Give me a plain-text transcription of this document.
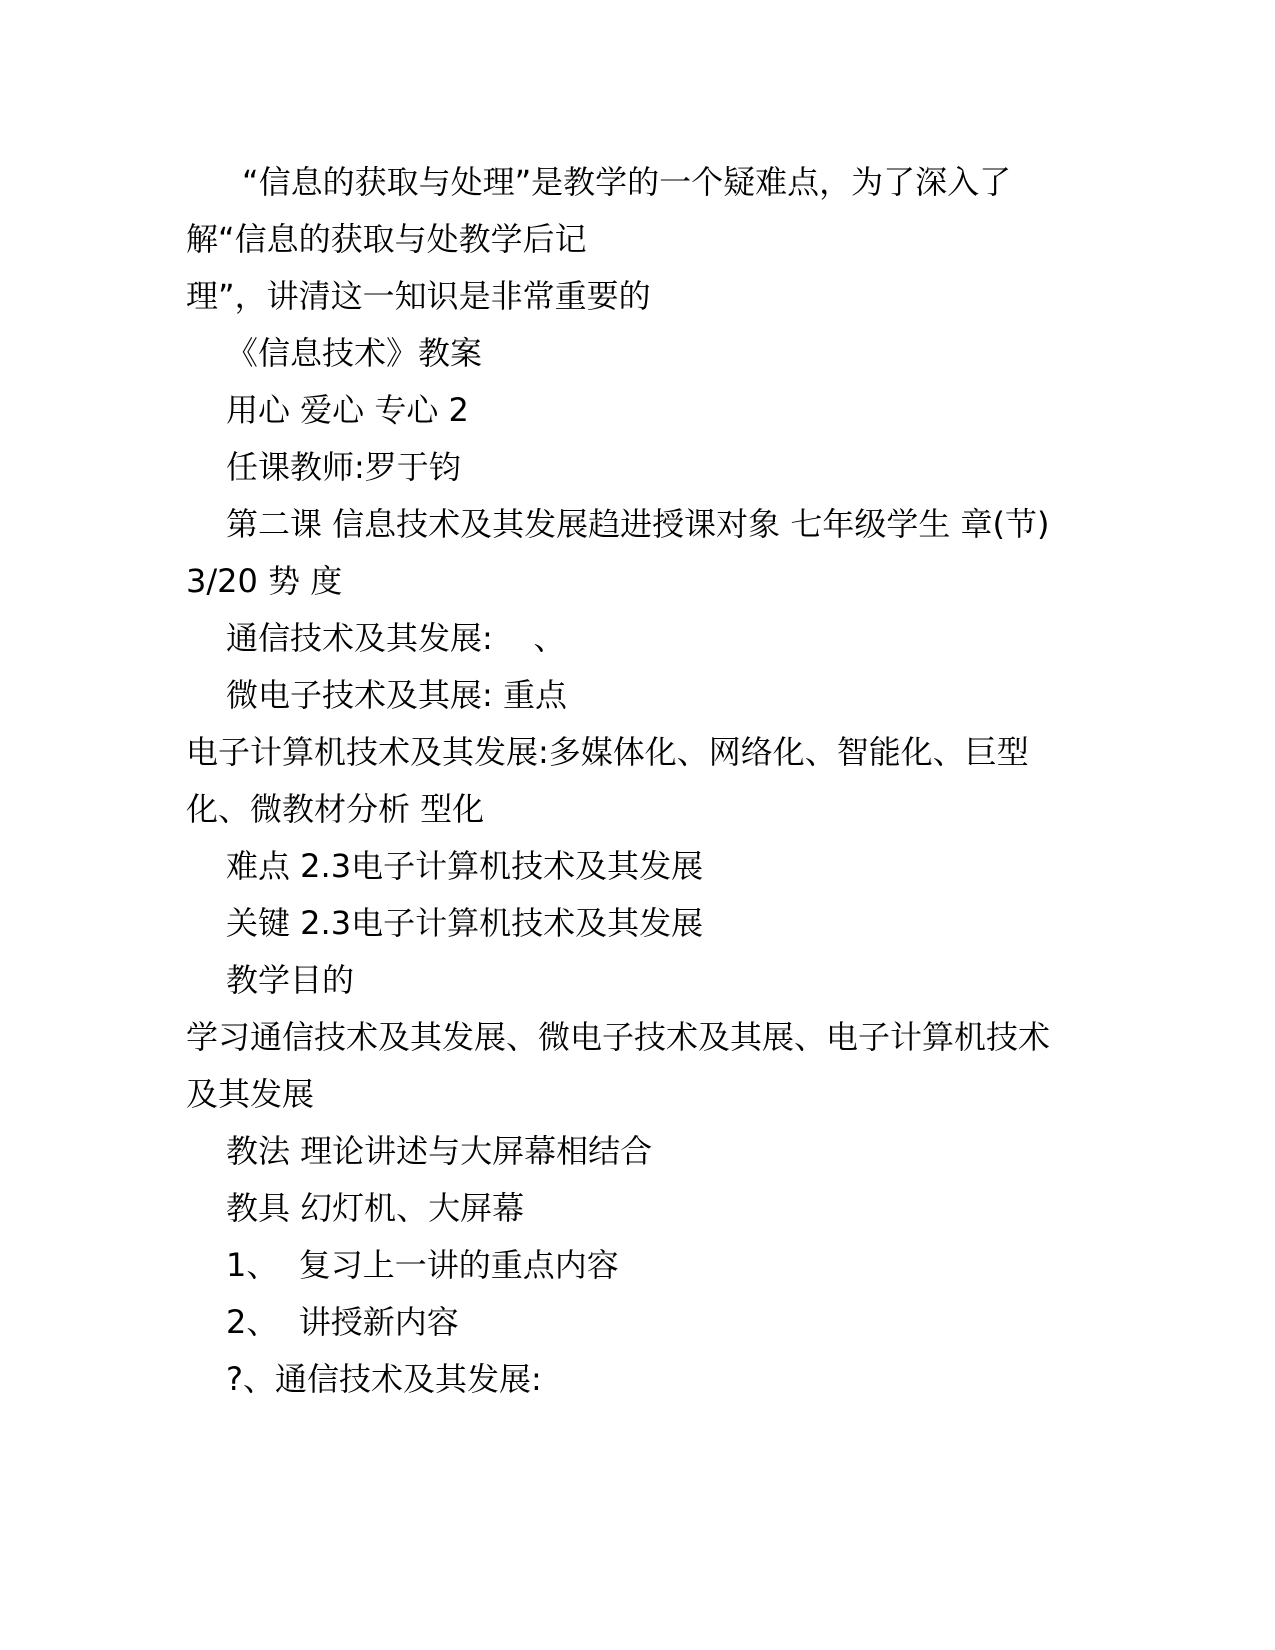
“信息的获取与处理”是教学的一个疑难点，为了深入了
解“信息的获取与处教学后记
理”，讲清这一知识是非常重要的
《信息技术》教案
用心 爱心 专心 2
任课教师:罗于钧
第二课 信息技术及其发展趋进授课对象 七年级学生 章(节)
3/20 势 度
通信技术及其发展:    、
微电子技术及其展: 重点
电子计算机技术及其发展:多媒体化、网络化、智能化、巨型
化、微教材分析 型化
难点 2.3电子计算机技术及其发展
关键 2.3电子计算机技术及其发展
教学目的
学习通信技术及其发展、微电子技术及其展、电子计算机技术
及其发展
教法 理论讲述与大屏幕相结合
教具 幻灯机、大屏幕
1、  复习上一讲的重点内容
2、  讲授新内容
?、通信技术及其发展:
